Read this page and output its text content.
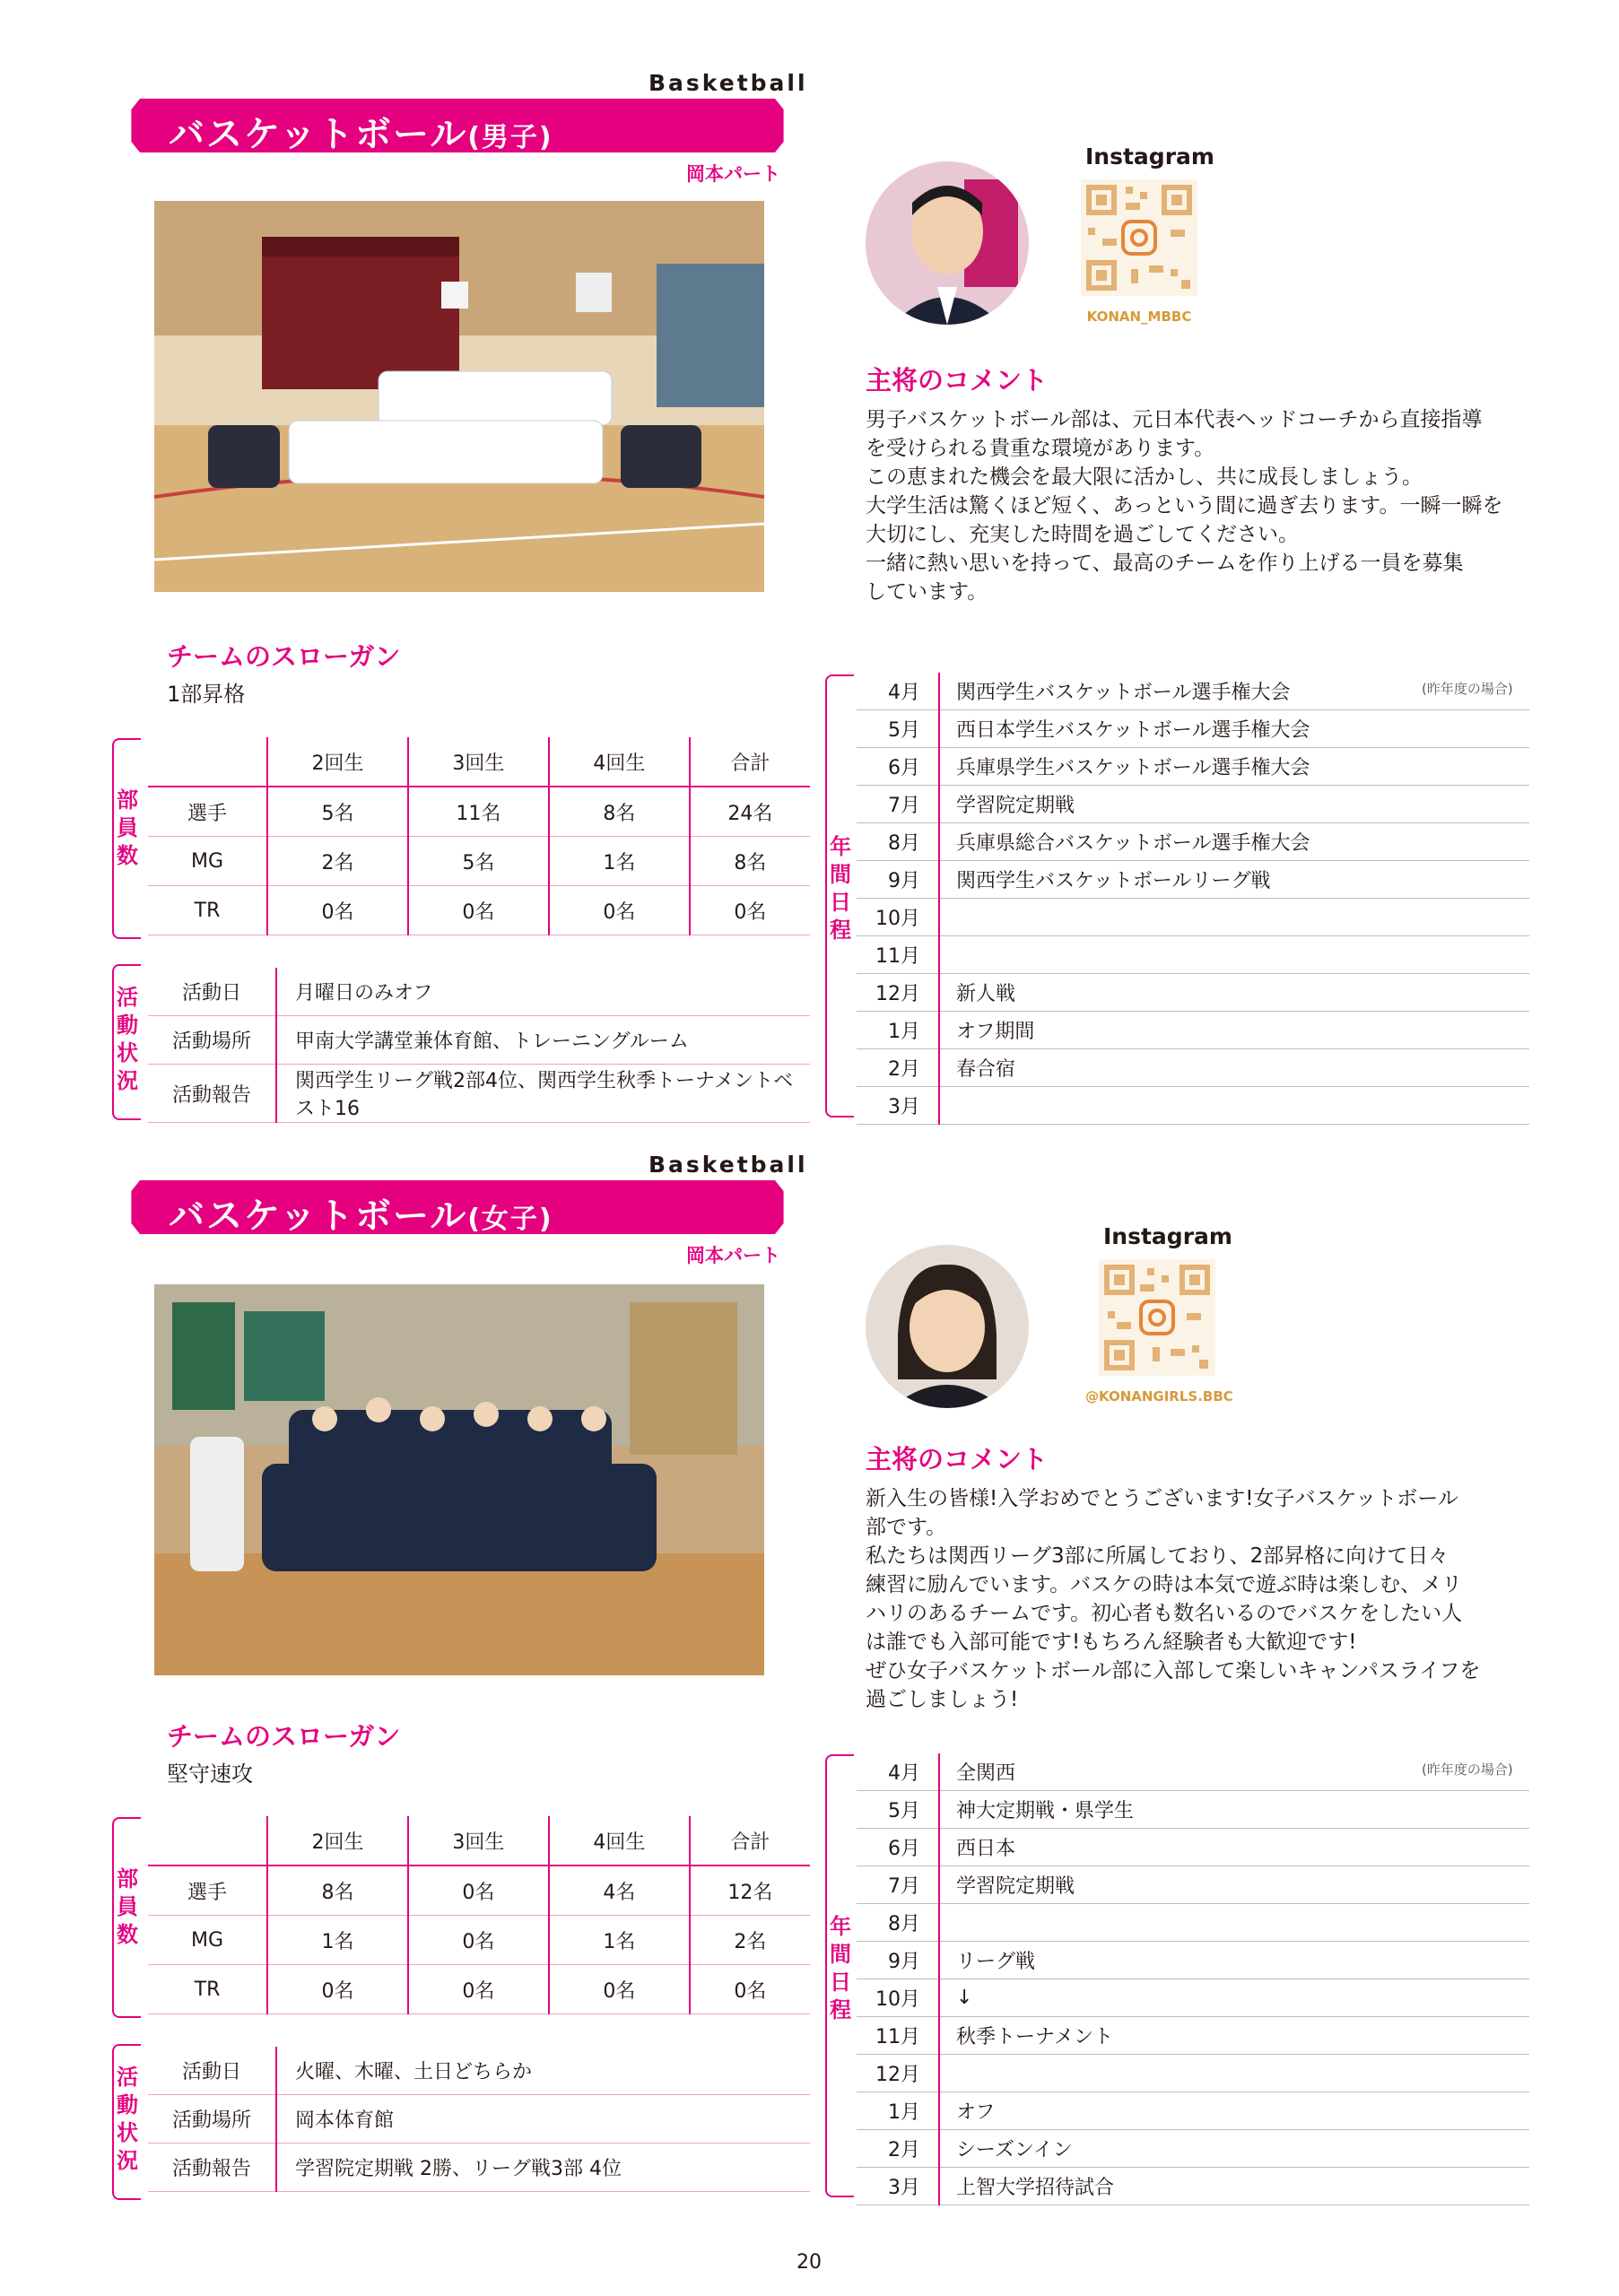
Basketball
バスケットボール(男子)
岡本パート
Instagram
KONAN_MBBC
主将のコメント
男子バスケットボール部は、元日本代表ヘッドコーチから直接指導
を受けられる貴重な環境があります。
この恵まれた機会を最大限に活かし、共に成長しましょう。
大学生活は驚くほど短く、あっという間に過ぎ去ります。一瞬一瞬を
大切にし、充実した時間を過ごしてください。
一緒に熱い思いを持って、最高のチームを作り上げる一員を募集
しています。
チームのスローガン
1部昇格
部
員
数
	2回生	3回生	4回生	合計
選手	5名	11名	8名	24名
MG	2名	5名	1名	8名
TR	0名	0名	0名	0名
活
動
状
況
活動日	月曜日のみオフ
活動場所	甲南大学講堂兼体育館、トレーニングルーム
活動報告	関西学生リーグ戦2部4位、関西学生秋季トーナメントベスト16
年
間
日
程
(昨年度の場合)
4月	関西学生バスケットボール選手権大会
5月	西日本学生バスケットボール選手権大会
6月	兵庫県学生バスケットボール選手権大会
7月	学習院定期戦
8月	兵庫県総合バスケットボール選手権大会
9月	関西学生バスケットボールリーグ戦
10月	
11月	
12月	新人戦
1月	オフ期間
2月	春合宿
3月	
Basketball
バスケットボール(女子)
岡本パート
Instagram
@KONANGIRLS.BBC
主将のコメント
新入生の皆様!入学おめでとうございます!女子バスケットボール
部です。
私たちは関西リーグ3部に所属しており、2部昇格に向けて日々
練習に励んでいます。バスケの時は本気で遊ぶ時は楽しむ、メリ
ハリのあるチームです。初心者も数名いるのでバスケをしたい人
は誰でも入部可能です!もちろん経験者も大歓迎です!
ぜひ女子バスケットボール部に入部して楽しいキャンパスライフを
過ごしましょう!
チームのスローガン
堅守速攻
部
員
数
	2回生	3回生	4回生	合計
選手	8名	0名	4名	12名
MG	1名	0名	1名	2名
TR	0名	0名	0名	0名
活
動
状
況
活動日	火曜、木曜、土日どちらか
活動場所	岡本体育館
活動報告	学習院定期戦 2勝、リーグ戦3部 4位
年
間
日
程
(昨年度の場合)
4月	全関西
5月	神大定期戦・県学生
6月	西日本
7月	学習院定期戦
8月	
9月	リーグ戦
10月	↓
11月	秋季トーナメント
12月	
1月	オフ
2月	シーズンイン
3月	上智大学招待試合
20
